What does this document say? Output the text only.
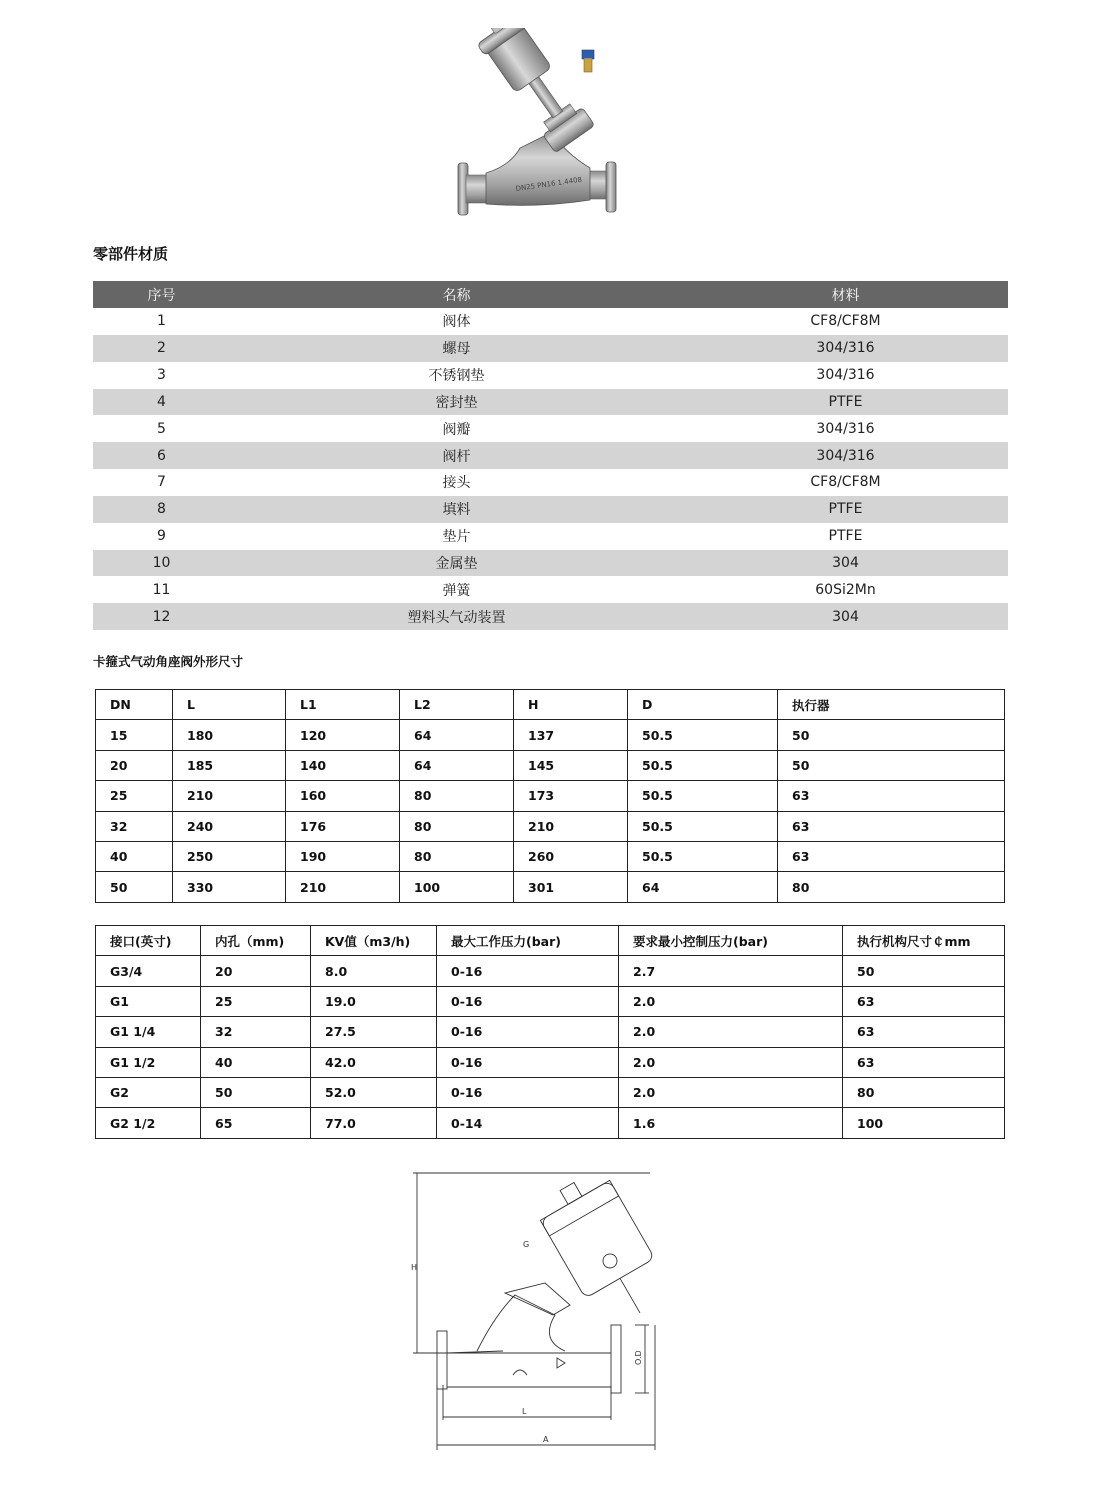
DN25 PN16 1.4408
零部件材质
序号	名称	材料
1	阀体	CF8/CF8M
2	螺母	304/316
3	不锈钢垫	304/316
4	密封垫	PTFE
5	阀瓣	304/316
6	阀杆	304/316
7	接头	CF8/CF8M
8	填料	PTFE
9	垫片	PTFE
10	金属垫	304
11	弹簧	60Si2Mn
12	塑料头气动装置	304
卡箍式气动角座阀外形尺寸
DN	L	L1	L2	H	D	执行器
15	180	120	64	137	50.5	50
20	185	140	64	145	50.5	50
25	210	160	80	173	50.5	63
32	240	176	80	210	50.5	63
40	250	190	80	260	50.5	63
50	330	210	100	301	64	80
接口(英寸)	内孔（mm)	KV值（m3/h)	最大工作压力(bar)	要求最小控制压力(bar)	执行机构尺寸￠mm
G3/4	20	8.0	0-16	2.7	50
G1	25	19.0	0-16	2.0	63
G1 1/4	32	27.5	0-16	2.0	63
G1 1/2	40	42.0	0-16	2.0	63
G2	50	52.0	0-16	2.0	80
G2 1/2	65	77.0	0-14	1.6	100
H
G
O.D
L
A
